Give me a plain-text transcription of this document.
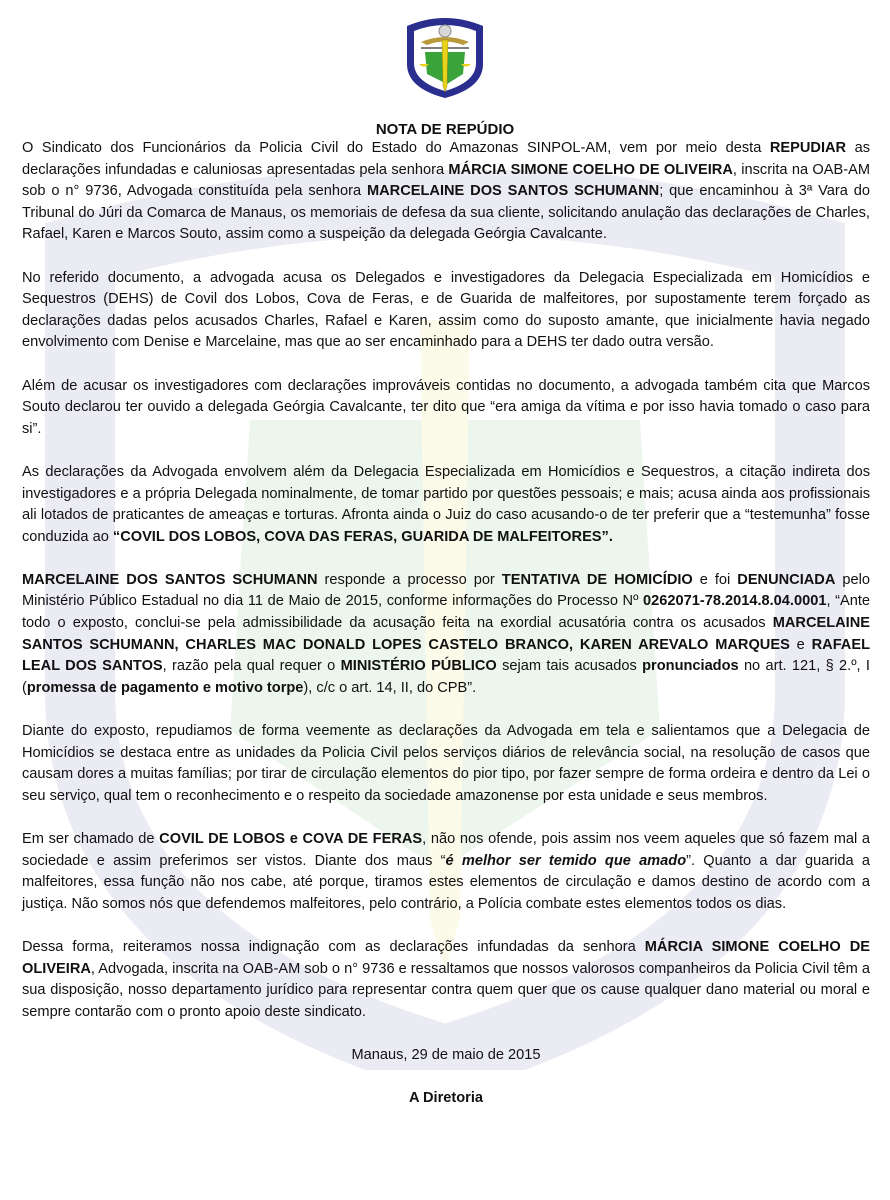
NOTA DE REPÚDIO

O Sindicato dos Funcionários da Policia Civil do Estado do Amazonas SINPOL-AM, vem por meio desta REPUDIAR as declarações infundadas e caluniosas apresentadas pela senhora MÁRCIA SIMONE COELHO DE OLIVEIRA, inscrita na OAB-AM sob o n° 9736, Advogada constituída pela senhora MARCELAINE DOS SANTOS SCHUMANN; que encaminhou à 3ª Vara do Tribunal do Júri da Comarca de Manaus, os memoriais de defesa da sua cliente, solicitando anulação das declarações de Charles, Rafael, Karen e Marcos Souto, assim como a suspeição da delegada Geórgia Cavalcante.

No referido documento, a advogada acusa os Delegados e investigadores da Delegacia Especializada em Homicídios e Sequestros (DEHS) de Covil dos Lobos, Cova de Feras, e de Guarida de malfeitores, por supostamente terem forçado as declarações dadas pelos acusados Charles, Rafael e Karen, assim como do suposto amante, que inicialmente havia negado envolvimento com Denise e Marcelaine, mas que ao ser encaminhado para a DEHS ter dado outra versão.

Além de acusar os investigadores com declarações improváveis contidas no documento, a advogada também cita que Marcos Souto declarou ter ouvido a delegada Geórgia Cavalcante, ter dito que “era amiga da vítima e por isso havia tomado o caso para si”.

As declarações da Advogada envolvem além da Delegacia Especializada em Homicídios e Sequestros, a citação indireta dos investigadores e a própria Delegada nominalmente, de tomar partido por questões pessoais; e mais; acusa ainda aos profissionais ali lotados de praticantes de ameaças e torturas. Afronta ainda o Juiz do caso acusando-o de ter preferir que a “testemunha” fosse conduzida ao “COVIL DOS LOBOS, COVA DAS FERAS, GUARIDA DE MALFEITORES”.

MARCELAINE DOS SANTOS SCHUMANN responde a processo por TENTATIVA DE HOMICÍDIO e foi DENUNCIADA pelo Ministério Público Estadual no dia 11 de Maio de 2015, conforme informações do Processo Nº 0262071-78.2014.8.04.0001, “Ante todo o exposto, conclui-se pela admissibilidade da acusação feita na exordial acusatória contra os acusados MARCELAINE SANTOS SCHUMANN, CHARLES MAC DONALD LOPES CASTELO BRANCO, KAREN AREVALO MARQUES e RAFAEL LEAL DOS SANTOS, razão pela qual requer o MINISTÉRIO PÚBLICO sejam tais acusados pronunciados no art. 121, § 2.º, I (promessa de pagamento e motivo torpe), c/c o art. 14, II, do CPB”.

Diante do exposto, repudiamos de forma veemente as declarações da Advogada em tela e salientamos que a Delegacia de Homicídios se destaca entre as unidades da Policia Civil pelos serviços diários de relevância social, na resolução de casos que causam dores a muitas famílias; por tirar de circulação elementos do pior tipo, por fazer sempre de forma ordeira e dentro da Lei o seu serviço, qual tem o reconhecimento e o respeito da sociedade amazonense por esta unidade e seus membros.

Em ser chamado de COVIL DE LOBOS e COVA DE FERAS, não nos ofende, pois assim nos veem aqueles que só fazem mal a sociedade e assim preferimos ser vistos. Diante dos maus “é melhor ser temido que amado”. Quanto a dar guarida a malfeitores, essa função não nos cabe, até porque, tiramos estes elementos de circulação e damos destino de acordo com a justiça. Não somos nós que defendemos malfeitores, pelo contrário, a Polícia combate estes elementos todos os dias.

Dessa forma, reiteramos nossa indignação com as declarações infundadas da senhora MÁRCIA SIMONE COELHO DE OLIVEIRA, Advogada, inscrita na OAB-AM sob o n° 9736 e ressaltamos que nossos valorosos companheiros da Policia Civil têm a sua disposição, nosso departamento jurídico para representar contra quem quer que os cause qualquer dano material ou moral e sempre contarão com o pronto apoio deste sindicato.

Manaus, 29 de maio de 2015

A Diretoria
